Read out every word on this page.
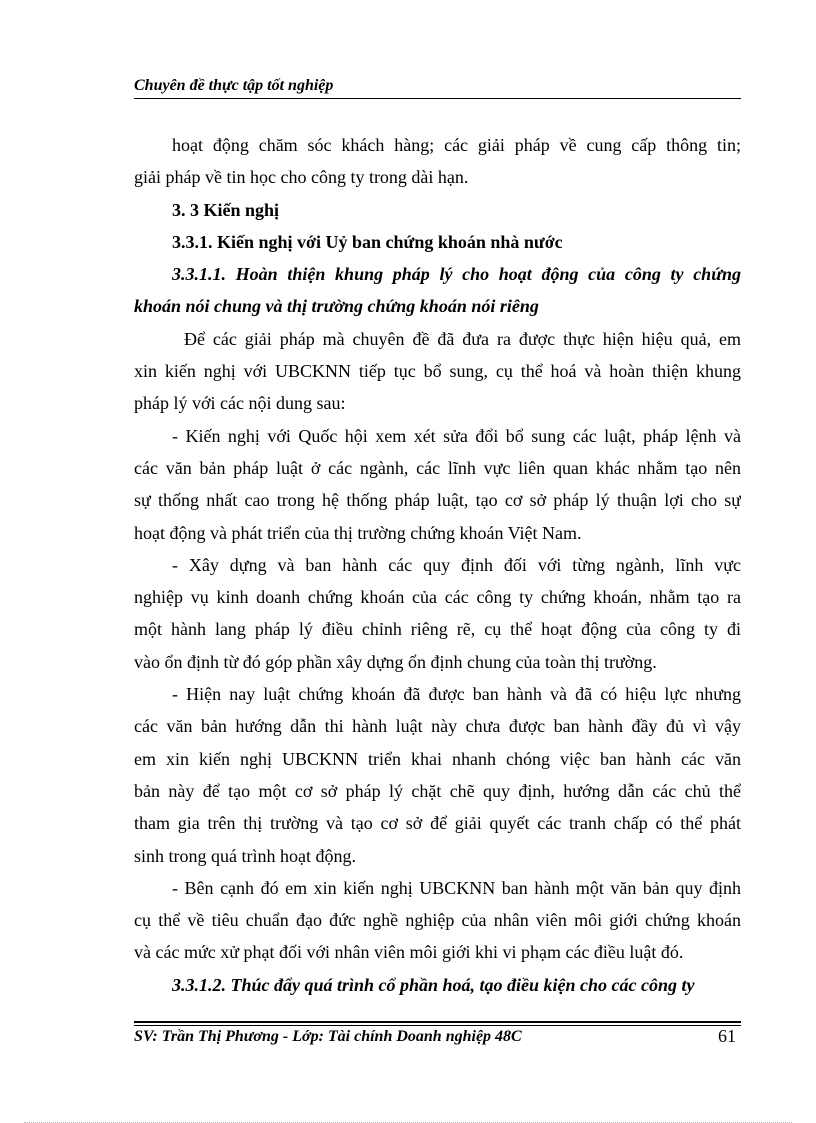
Chuyên đề thực tập tốt nghiệp
hoạt động chăm sóc khách hàng; các giải pháp về cung cấp thông tin;
giải pháp về tin học cho công ty trong dài hạn.
3. 3 Kiến nghị
3.3.1. Kiến nghị với Uỷ ban chứng khoán nhà nước
3.3.1.1. Hoàn thiện khung pháp lý cho hoạt động của công ty chứng
khoán nói chung và thị trường chứng khoán nói riêng
Để các giải pháp mà chuyên đề đã đưa ra được thực hiện hiệu quả, em
xin kiến nghị với UBCKNN tiếp tục bổ sung, cụ thể hoá và hoàn thiện khung
pháp lý với các nội dung sau:
- Kiến nghị với Quốc hội xem xét sửa đổi bổ sung các luật, pháp lệnh và
các văn bản pháp luật ở các ngành, các lĩnh vực liên quan khác nhằm tạo nên
sự thống nhất cao trong hệ thống pháp luật, tạo cơ sở pháp lý thuận lợi cho sự
hoạt động và phát triển của thị trường chứng khoán Việt Nam.
- Xây dựng và ban hành các quy định đối với từng ngành, lĩnh vực
nghiệp vụ kinh doanh chứng khoán của các công ty chứng khoán, nhằm tạo ra
một hành lang pháp lý điều chỉnh riêng rẽ, cụ thể hoạt động của công ty đi
vào ổn định từ đó góp phần xây dựng ổn định chung của toàn thị trường.
- Hiện nay luật chứng khoán đã được ban hành và đã có hiệu lực nhưng
các văn bản hướng dẫn thi hành luật này chưa được ban hành đầy đủ vì vậy
em xin kiến nghị UBCKNN triển khai nhanh chóng việc ban hành các văn
bản này để tạo một cơ sở pháp lý chặt chẽ quy định, hướng dẫn các chủ thể
tham gia trên thị trường và tạo cơ sở để giải quyết các tranh chấp có thể phát
sinh trong quá trình hoạt động.
- Bên cạnh đó em xin kiến nghị UBCKNN ban hành một văn bản quy định
cụ thể về tiêu chuẩn đạo đức nghề nghiệp của nhân viên môi giới chứng khoán
và các mức xử phạt đối với nhân viên môi giới khi vi phạm các điều luật đó.
3.3.1.2. Thúc đẩy quá trình cổ phần hoá, tạo điều kiện cho các công ty
SV: Trần Thị Phương - Lớp: Tài chính Doanh nghiệp 48C	61
